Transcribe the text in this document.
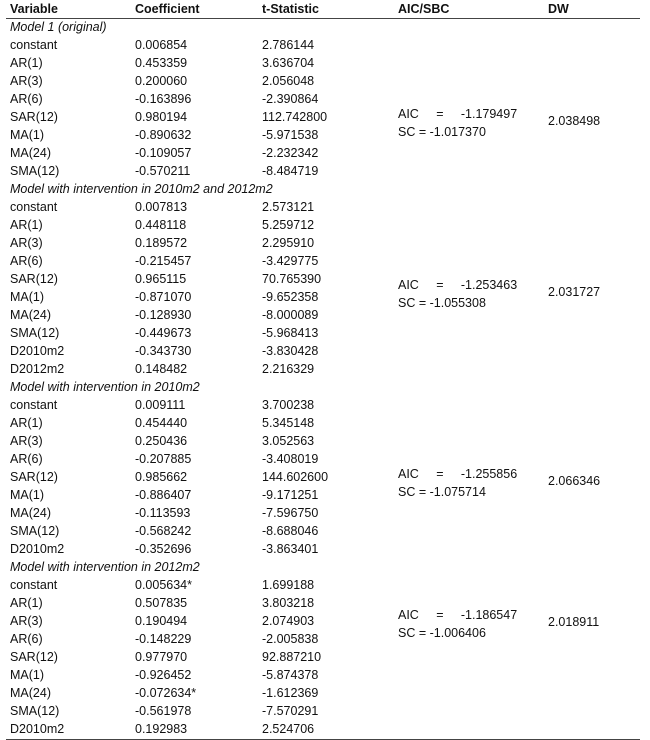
Variable	Coefficient	t-Statistic	AIC/SBC	DW
Model 1 (original)
constant	0.006854	2.786144
AR(1)	0.453359	3.636704
AR(3)	0.200060	2.056048
AR(6)	-0.163896	-2.390864
SAR(12)	0.980194	112.742800
MA(1)	-0.890632	-5.971538
MA(24)	-0.109057	-2.232342
SMA(12)	-0.570211	-8.484719
AIC     =     -1.179497
SC = -1.017370
2.038498
Model with intervention in 2010m2 and 2012m2
constant	0.007813	2.573121
AR(1)	0.448118	5.259712
AR(3)	0.189572	2.295910
AR(6)	-0.215457	-3.429775
SAR(12)	0.965115	70.765390
MA(1)	-0.871070	-9.652358
MA(24)	-0.128930	-8.000089
SMA(12)	-0.449673	-5.968413
D2010m2	-0.343730	-3.830428
D2012m2	0.148482	2.216329
AIC     =     -1.253463
SC = -1.055308
2.031727
Model with intervention in 2010m2
constant	0.009111	3.700238
AR(1)	0.454440	5.345148
AR(3)	0.250436	3.052563
AR(6)	-0.207885	-3.408019
SAR(12)	0.985662	144.602600
MA(1)	-0.886407	-9.171251
MA(24)	-0.113593	-7.596750
SMA(12)	-0.568242	-8.688046
D2010m2	-0.352696	-3.863401
AIC     =     -1.255856
SC = -1.075714
2.066346
Model with intervention in 2012m2
constant	0.005634*	1.699188
AR(1)	0.507835	3.803218
AR(3)	0.190494	2.074903
AR(6)	-0.148229	-2.005838
SAR(12)	0.977970	92.887210
MA(1)	-0.926452	-5.874378
MA(24)	-0.072634*	-1.612369
SMA(12)	-0.561978	-7.570291
D2010m2	0.192983	2.524706
AIC     =     -1.186547
SC = -1.006406
2.018911
